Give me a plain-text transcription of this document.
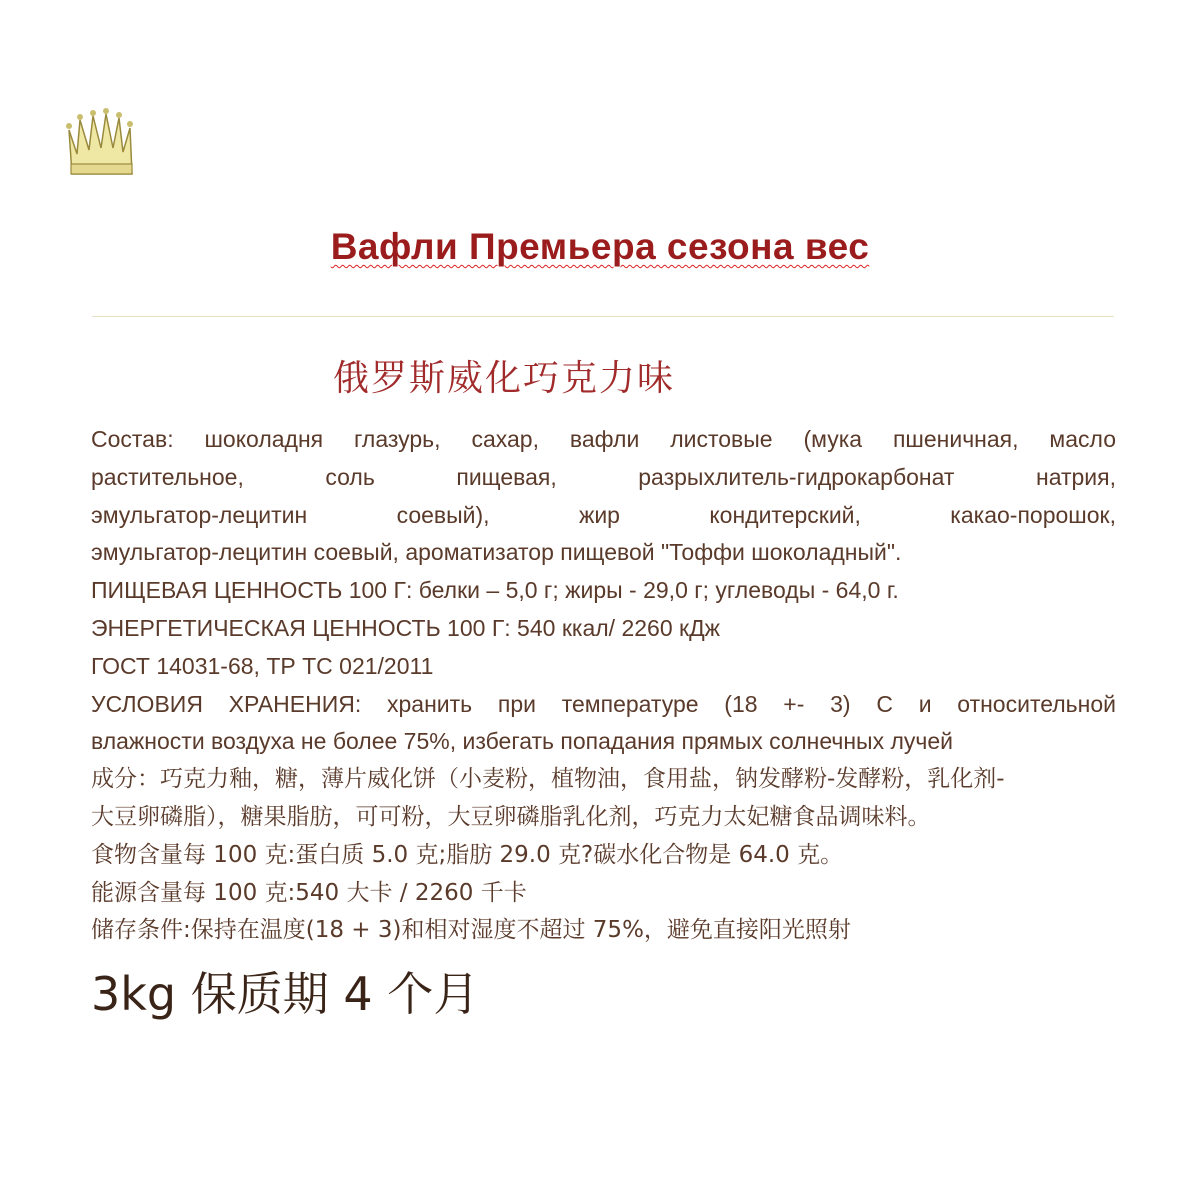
Вафли Премьера сезона вес
俄罗斯威化巧克力味
Состав: шоколадня глазурь, сахар, вафли листовые (мука пшеничная, масло
растительное, соль пищевая, разрыхлитель-гидрокарбонат натрия,
эмульгатор-лецитин соевый), жир кондитерский, какао-порошок,
эмульгатор-лецитин соевый, ароматизатор пищевой "Тоффи шоколадный".
ПИЩЕВАЯ ЦЕННОСТЬ 100 Г: белки – 5,0 г; жиры - 29,0 г; углеводы - 64,0 г.
ЭНЕРГЕТИЧЕСКАЯ ЦЕННОСТЬ 100 Г: 540 ккал/ 2260 кДж
ГОСТ 14031-68, ТР ТС 021/2011
УСЛОВИЯ ХРАНЕНИЯ: хранить при температуре (18 +- 3) С и относительной
влажности воздуха не более 75%, избегать попадания прямых солнечных лучей
成分：巧克力釉，糖，薄片威化饼（小麦粉，植物油，食用盐，钠发酵粉-发酵粉，乳化剂-
大豆卵磷脂），糖果脂肪，可可粉，大豆卵磷脂乳化剂，巧克力太妃糖食品调味料。
食物含量每 100 克:蛋白质 5.0 克;脂肪 29.0 克?碳水化合物是 64.0 克。
能源含量每 100 克:540 大卡 / 2260 千卡
储存条件:保持在温度(18 + 3)和相对湿度不超过 75%，避免直接阳光照射
3kg 保质期 4 个月
